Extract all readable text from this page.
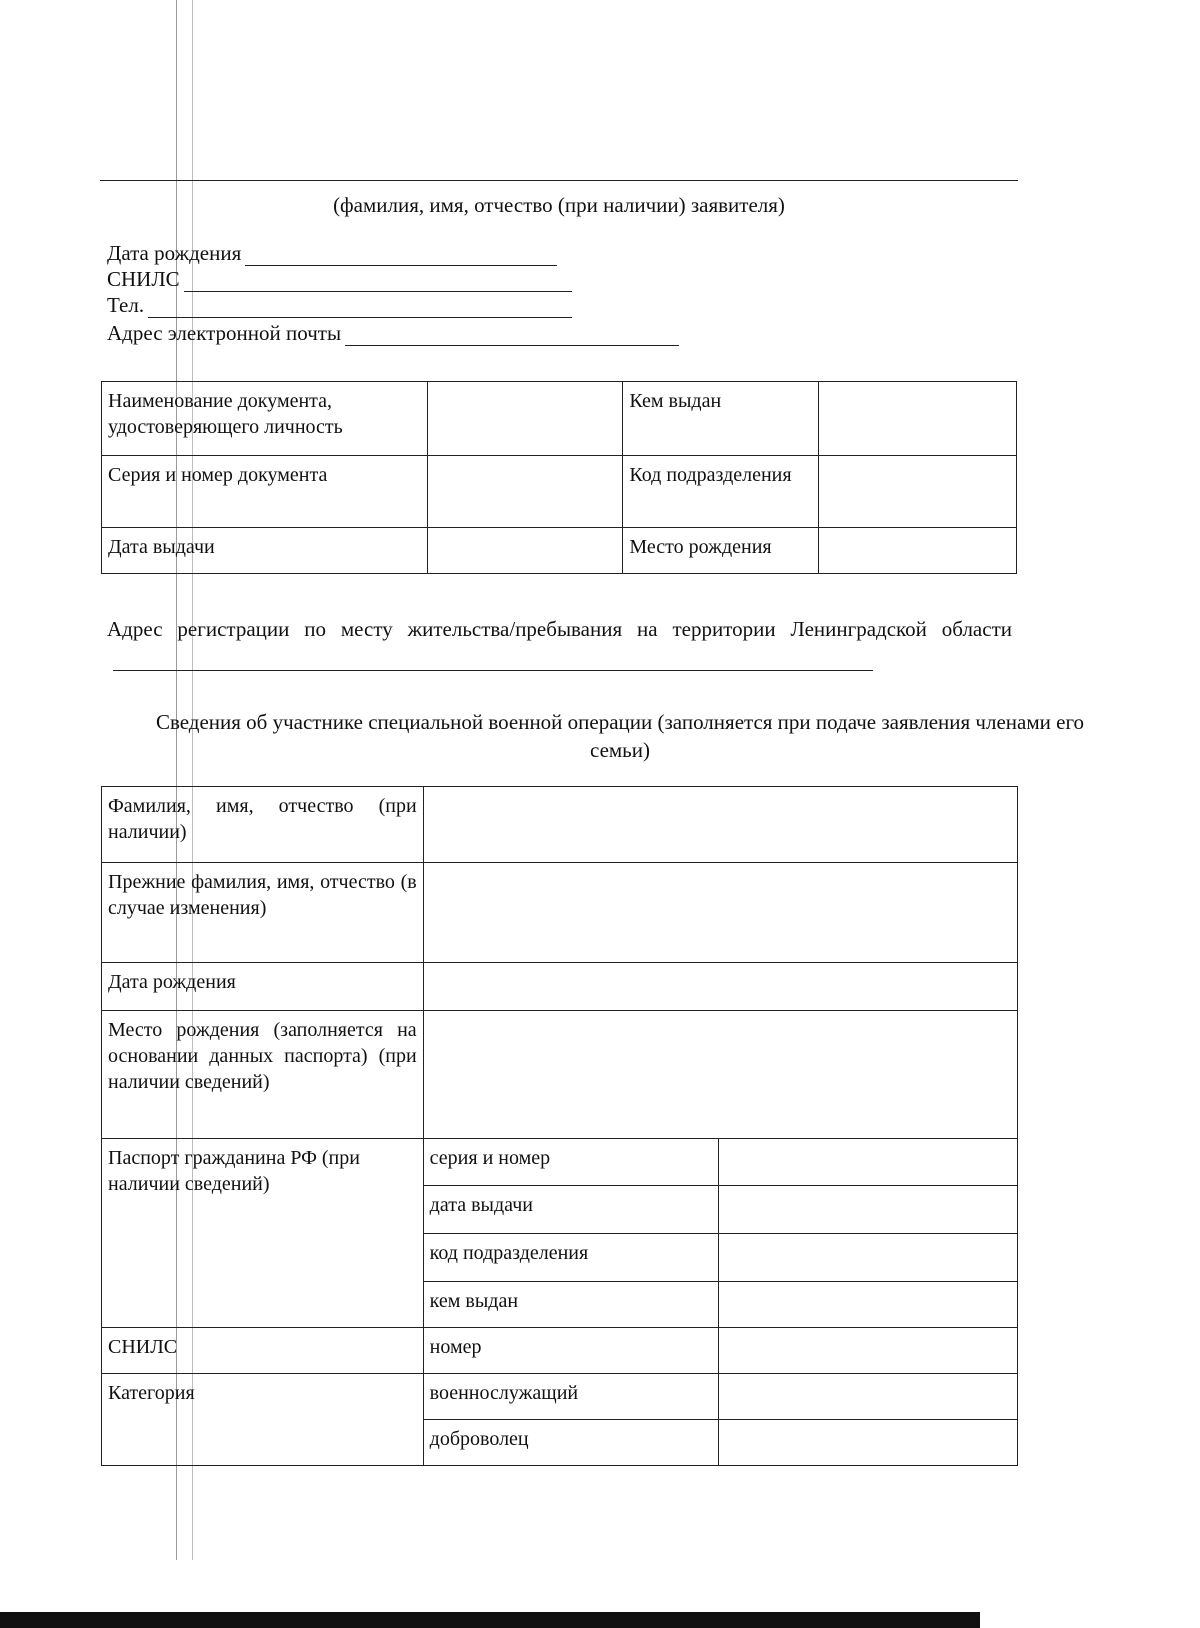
(фамилия, имя, отчество (при наличии) заявителя)
Дата рождения
СНИЛС
Тел.
Адрес электронной почты
Наименование документа, удостоверяющего личность		Кем выдан	
Серия и номер документа		Код подразделения	
Дата выдачи		Место рождения	
Адрес регистрации по месту жительства/пребывания на территории Ленинградской области
Сведения об участнике специальной военной операции (заполняется при подаче заявления членами его семьи)
Фамилия, имя, отчество (при наличии)		
Прежние фамилия, имя, отчество (в случае изменения)		
Дата рождения		
Место рождения (заполняется на основании данных паспорта) (при наличии сведений)		
Паспорт гражданина РФ (при наличии сведений)	серия и номер	
	дата выдачи	
	код подразделения	
	кем выдан	
СНИЛС	номер	
Категория	военнослужащий	
	доброволец	
